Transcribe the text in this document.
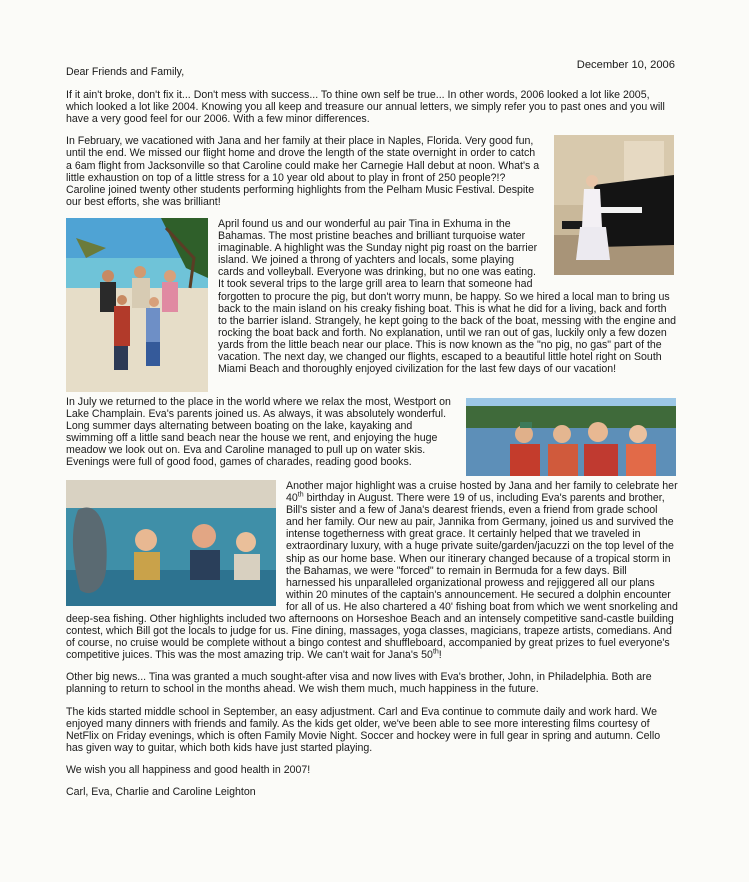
December 10, 2006

Dear Friends and Family,

If it ain't broke, don't fix it... Don't mess with success... To thine own self be true... In other words, 2006 looked a lot like 2005, which looked a lot like 2004. Knowing you all keep and treasure our annual letters, we simply refer you to past ones and you will have a very good feel for our 2006. With a few minor differences.

In February, we vacationed with Jana and her family at their place in Naples, Florida. Very good fun, until the end. We missed our flight home and drove the length of the state overnight in order to catch a 6am flight from Jacksonville so that Caroline could make her Carnegie Hall debut at noon. What's a little exhaustion on top of a little stress for a 10 year old about to play in front of 250 people?!? Caroline joined twenty other students performing highlights from the Pelham Music Festival. Despite our best efforts, she was brilliant!

April found us and our wonderful au pair Tina in Exhuma in the Bahamas. The most pristine beaches and brilliant turquoise water imaginable. A highlight was the Sunday night pig roast on the barrier island. We joined a throng of yachters and locals, some playing cards and volleyball. Everyone was drinking, but no one was eating. It took several trips to the large grill area to learn that someone had forgotten to procure the pig, but don't worry munn, be happy. So we hired a local man to bring us back to the main island on his creaky fishing boat. This is what he did for a living, back and forth to the barrier island. Strangely, he kept going to the back of the boat, messing with the engine and rocking the boat back and forth. No explanation, until we ran out of gas, luckily only a few dozen yards from the little beach near our place. This is now known as the "no pig, no gas" part of the vacation. The next day, we changed our flights, escaped to a beautiful little hotel right on South Miami Beach and thoroughly enjoyed civilization for the last few days of our vacation!

In July we returned to the place in the world where we relax the most, Westport on Lake Champlain. Eva's parents joined us. As always, it was absolutely wonderful. Long summer days alternating between boating on the lake, kayaking and swimming off a little sand beach near the house we rent, and enjoying the huge meadow we look out on. Eva and Caroline managed to pull up on water skis. Evenings were full of good food, games of charades, reading good books.

Another major highlight was a cruise hosted by Jana and her family to celebrate her 40th birthday in August. There were 19 of us, including Eva's parents and brother, Bill's sister and a few of Jana's dearest friends, even a friend from grade school and her family. Our new au pair, Jannika from Germany, joined us and survived the intense togetherness with great grace. It certainly helped that we traveled in extraordinary luxury, with a huge private suite/garden/jacuzzi on the top level of the ship as our home base. When our itinerary changed because of a tropical storm in the Bahamas, we were "forced" to remain in Bermuda for a few days. Bill harnessed his unparalleled organizational prowess and rejiggered all our plans within 20 minutes of the captain's announcement. He secured a dolphin encounter for all of us. He also chartered a 40' fishing boat from which we went snorkeling and deep-sea fishing. Other highlights included two afternoons on Horseshoe Beach and an intensely competitive sand-castle building contest, which Bill got the locals to judge for us. Fine dining, massages, yoga classes, magicians, trapeze artists, comedians. And of course, no cruise would be complete without a bingo contest and shuffleboard, accompanied by great prizes to fuel everyone's competitive juices. This was the most amazing trip. We can't wait for Jana's 50th!

Other big news... Tina was granted a much sought-after visa and now lives with Eva's brother, John, in Philadelphia. Both are planning to return to school in the months ahead. We wish them much, much happiness in the future.

The kids started middle school in September, an easy adjustment. Carl and Eva continue to commute daily and work hard. We enjoyed many dinners with friends and family. As the kids get older, we've been able to see more interesting films courtesy of NetFlix on Friday evenings, which is often Family Movie Night. Soccer and hockey were in full gear in spring and autumn. Cello has given way to guitar, which both kids have just started playing.

We wish you all happiness and good health in 2007!

Carl, Eva, Charlie and Caroline Leighton
